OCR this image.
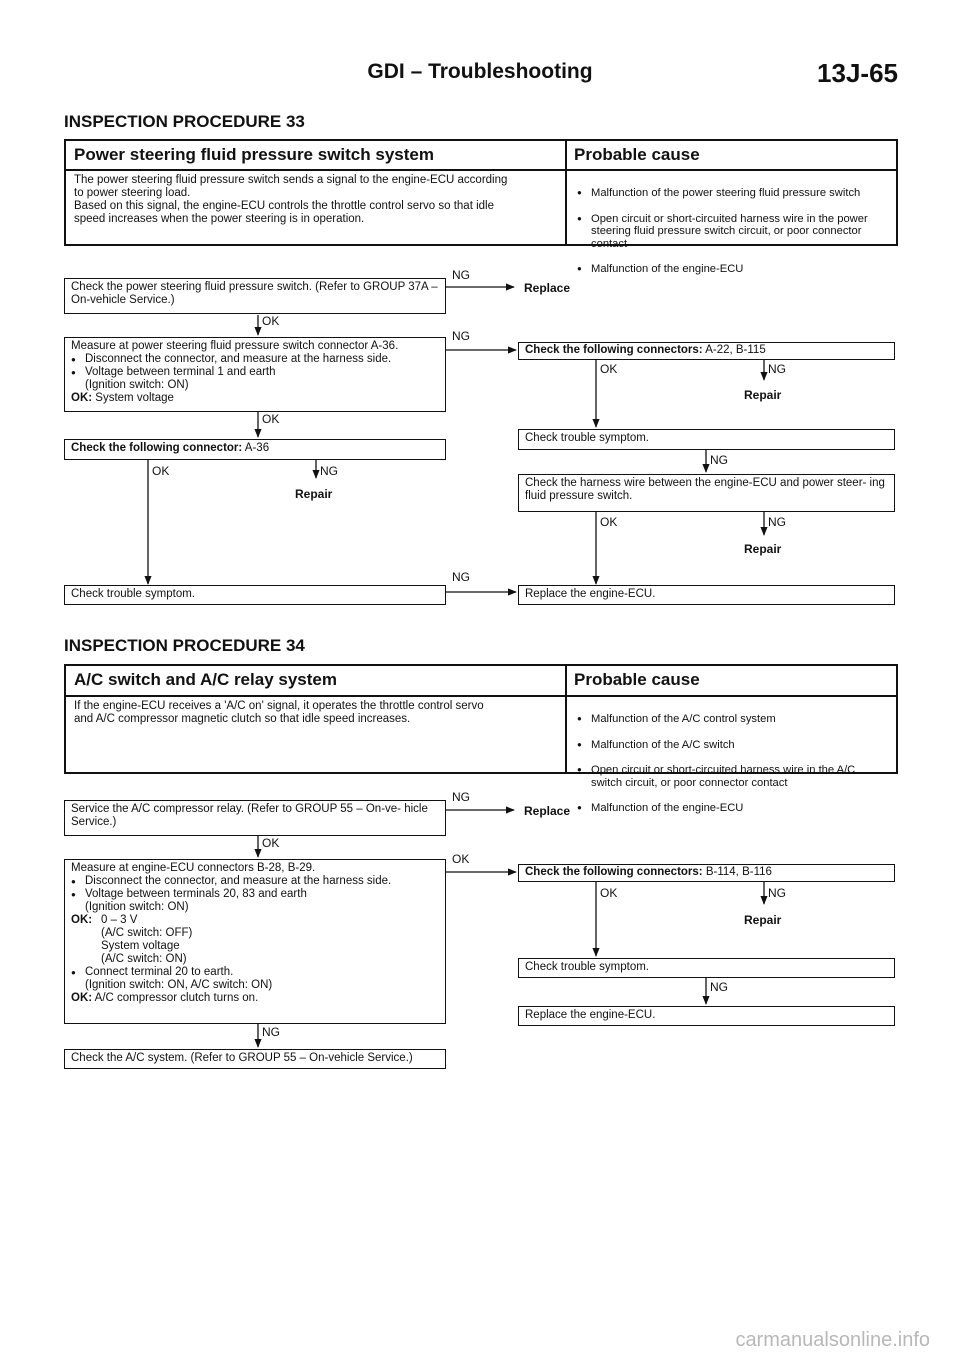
GDI – Troubleshooting	13J-65
INSPECTION PROCEDURE 33
Power steering fluid pressure switch system	Probable cause
The power steering fluid pressure switch sends a signal to the engine-ECU according
to power steering load.
Based on this signal, the engine-ECU controls the throttle control servo so that idle
speed increases when the power steering is in operation.

● Malfunction of the power steering fluid pressure switch

● Open circuit or short-circuited harness wire in the power steering fluid pressure switch circuit, or poor connector contact

● Malfunction of the engine-ECU

Check the power steering fluid pressure switch. (Refer to GROUP 37A – On-vehicle Service.)
NG
Replace
OK
Measure at power steering fluid pressure switch connector A-36.
● Disconnect the connector, and measure at the harness side.
● Voltage between terminal 1 and earth
(Ignition switch: ON)
OK: System voltage
NG
OK
Check the following connector: A-36
OK	NG
Repair
Check trouble symptom.
NG
Check the following connectors: A-22, B-115
OK	NG
Repair
Check trouble symptom.
NG
Check the harness wire between the engine-ECU and power steer- ing fluid pressure switch.
OK	NG
Repair
Replace the engine-ECU.
INSPECTION PROCEDURE 34
A/C switch and A/C relay system	Probable cause
If the engine-ECU receives a 'A/C on' signal, it operates the throttle control servo
and A/C compressor magnetic clutch so that idle speed increases.

●	Malfunction of the A/C control system

● Malfunction of the A/C switch

● Open circuit or short-circuited harness wire in the A/C switch circuit, or poor connector contact

● Malfunction of the engine-ECU

Service the A/C compressor relay. (Refer to GROUP 55 – On-ve- hicle Service.)
NG
Replace
OK
Measure at engine-ECU connectors B-28, B-29.
● Disconnect the connector, and measure at the harness side.
● Voltage between terminals 20, 83 and earth
(Ignition switch: ON)
OK: 0 – 3 V
(A/C switch: OFF)
System voltage
(A/C switch: ON)
● Connect terminal 20 to earth.
(Ignition switch: ON, A/C switch: ON)
OK: A/C compressor clutch turns on.
OK
NG
Check the A/C system. (Refer to GROUP 55 – On-vehicle Service.)
Check the following connectors: B-114, B-116
OK	NG
Repair
Check trouble symptom.
NG
Replace the engine-ECU.
carmanualsonline.info
